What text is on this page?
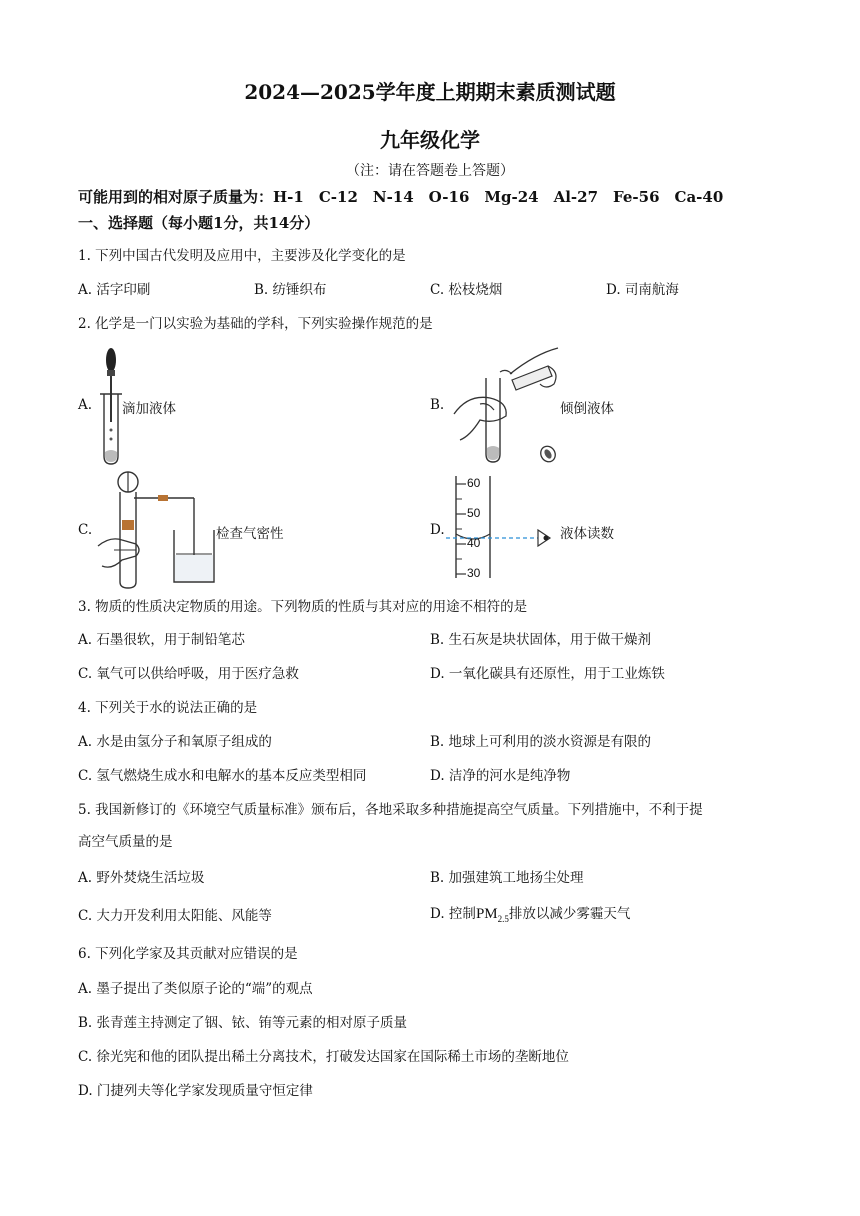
2024—2025学年度上期期末素质测试题
九年级化学
（注：请在答题卷上答题）
可能用到的相对原子质量为：H-1　C-12　N-14　O-16　Mg-24　Al-27　Fe-56　Ca-40
一、选择题（每小题1分，共14分）
1. 下列中国古代发明及应用中，主要涉及化学变化的是
A. 活字印刷	B. 纺锤织布	C. 松枝烧烟	D. 司南航海
2. 化学是一门以实验为基础的学科，下列实验操作规范的是
A. 滴加液体	B.	倾倒液体
C.	检查气密性	D.
60
50
40
30
液体读数
3. 物质的性质决定物质的用途。下列物质的性质与其对应的用途不相符的是
A. 石墨很软，用于制铅笔芯	B. 生石灰是块状固体，用于做干燥剂
C. 氧气可以供给呼吸，用于医疗急救	D. 一氧化碳具有还原性，用于工业炼铁
4. 下列关于水的说法正确的是
A. 水是由氢分子和氧原子组成的	B. 地球上可利用的淡水资源是有限的
C. 氢气燃烧生成水和电解水的基本反应类型相同	D. 洁净的河水是纯净物
5. 我国新修订的《环境空气质量标准》颁布后，各地采取多种措施提高空气质量。下列措施中，不利于提
高空气质量的是
A. 野外焚烧生活垃圾	B. 加强建筑工地扬尘处理
C. 大力开发利用太阳能、风能等	D. 控制$PM_{2.5}$排放以减少雾霾天气
6. 下列化学家及其贡献对应错误的是
A. 墨子提出了类似原子论的“端”的观点
B. 张青莲主持测定了铟、铱、铕等元素的相对原子质量
C. 徐光宪和他的团队提出稀土分离技术，打破发达国家在国际稀土市场的垄断地位
D. 门捷列夫等化学家发现质量守恒定律
